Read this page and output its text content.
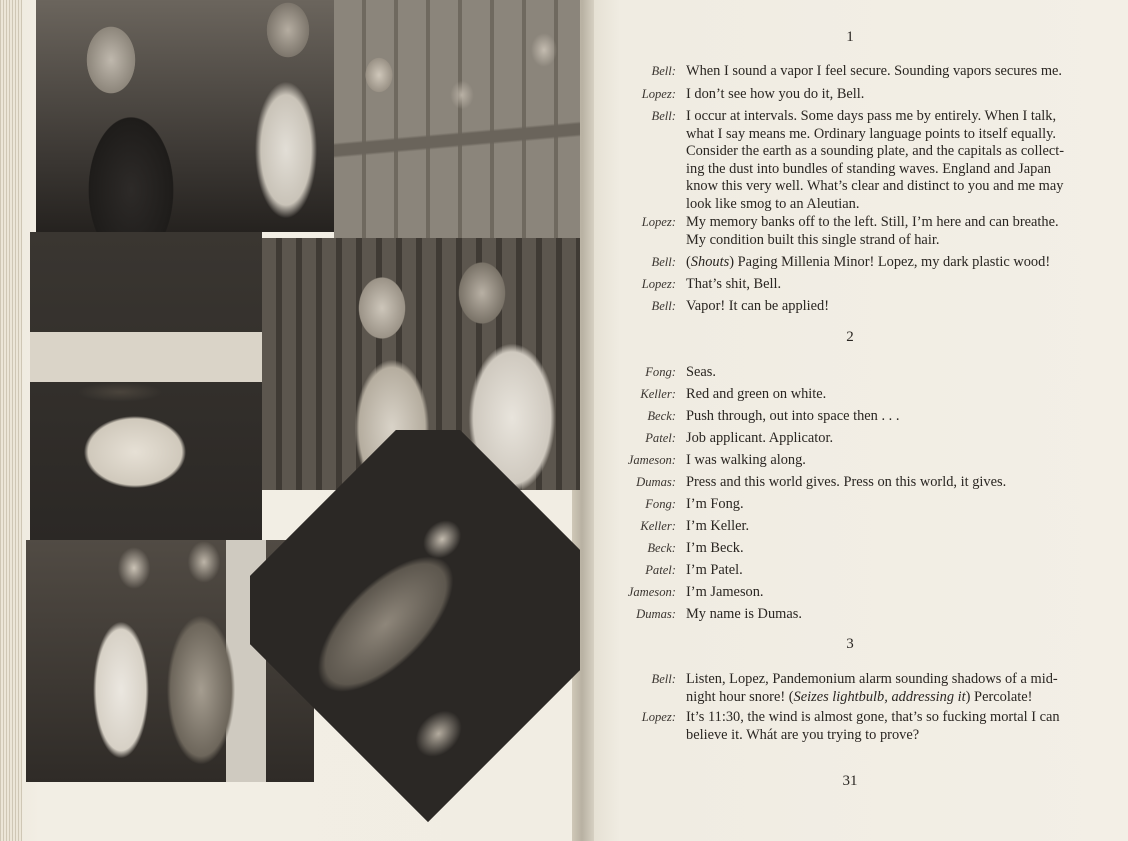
1
Bell: When I sound a vapor I feel secure. Sounding vapors secures me.
Lopez: I don’t see how you do it, Bell.
Bell: I occur at intervals. Some days pass me by entirely. When I talk,
what I say means me. Ordinary language points to itself equally.
Consider the earth as a sounding plate, and the capitals as collect-
ing the dust into bundles of standing waves. England and Japan
know this very well. What’s clear and distinct to you and me may
look like smog to an Aleutian.
Lopez: My memory banks off to the left. Still, I’m here and can breathe.
My condition built this single strand of hair.
Bell: (Shouts) Paging Millenia Minor! Lopez, my dark plastic wood!
Lopez: That’s shit, Bell.
Bell: Vapor! It can be applied!
2
Fong: Seas.
Keller: Red and green on white.
Beck: Push through, out into space then . . .
Patel: Job applicant. Applicator.
Jameson: I was walking along.
Dumas: Press and this world gives. Press on this world, it gives.
Fong: I’m Fong.
Keller: I’m Keller.
Beck: I’m Beck.
Patel: I’m Patel.
Jameson: I’m Jameson.
Dumas: My name is Dumas.
3
Bell: Listen, Lopez, Pandemonium alarm sounding shadows of a mid-
night hour snore! (Seizes lightbulb, addressing it) Percolate!
Lopez: It’s 11:30, the wind is almost gone, that’s so fucking mortal I can
believe it. Whát are you trying to prove?
31
